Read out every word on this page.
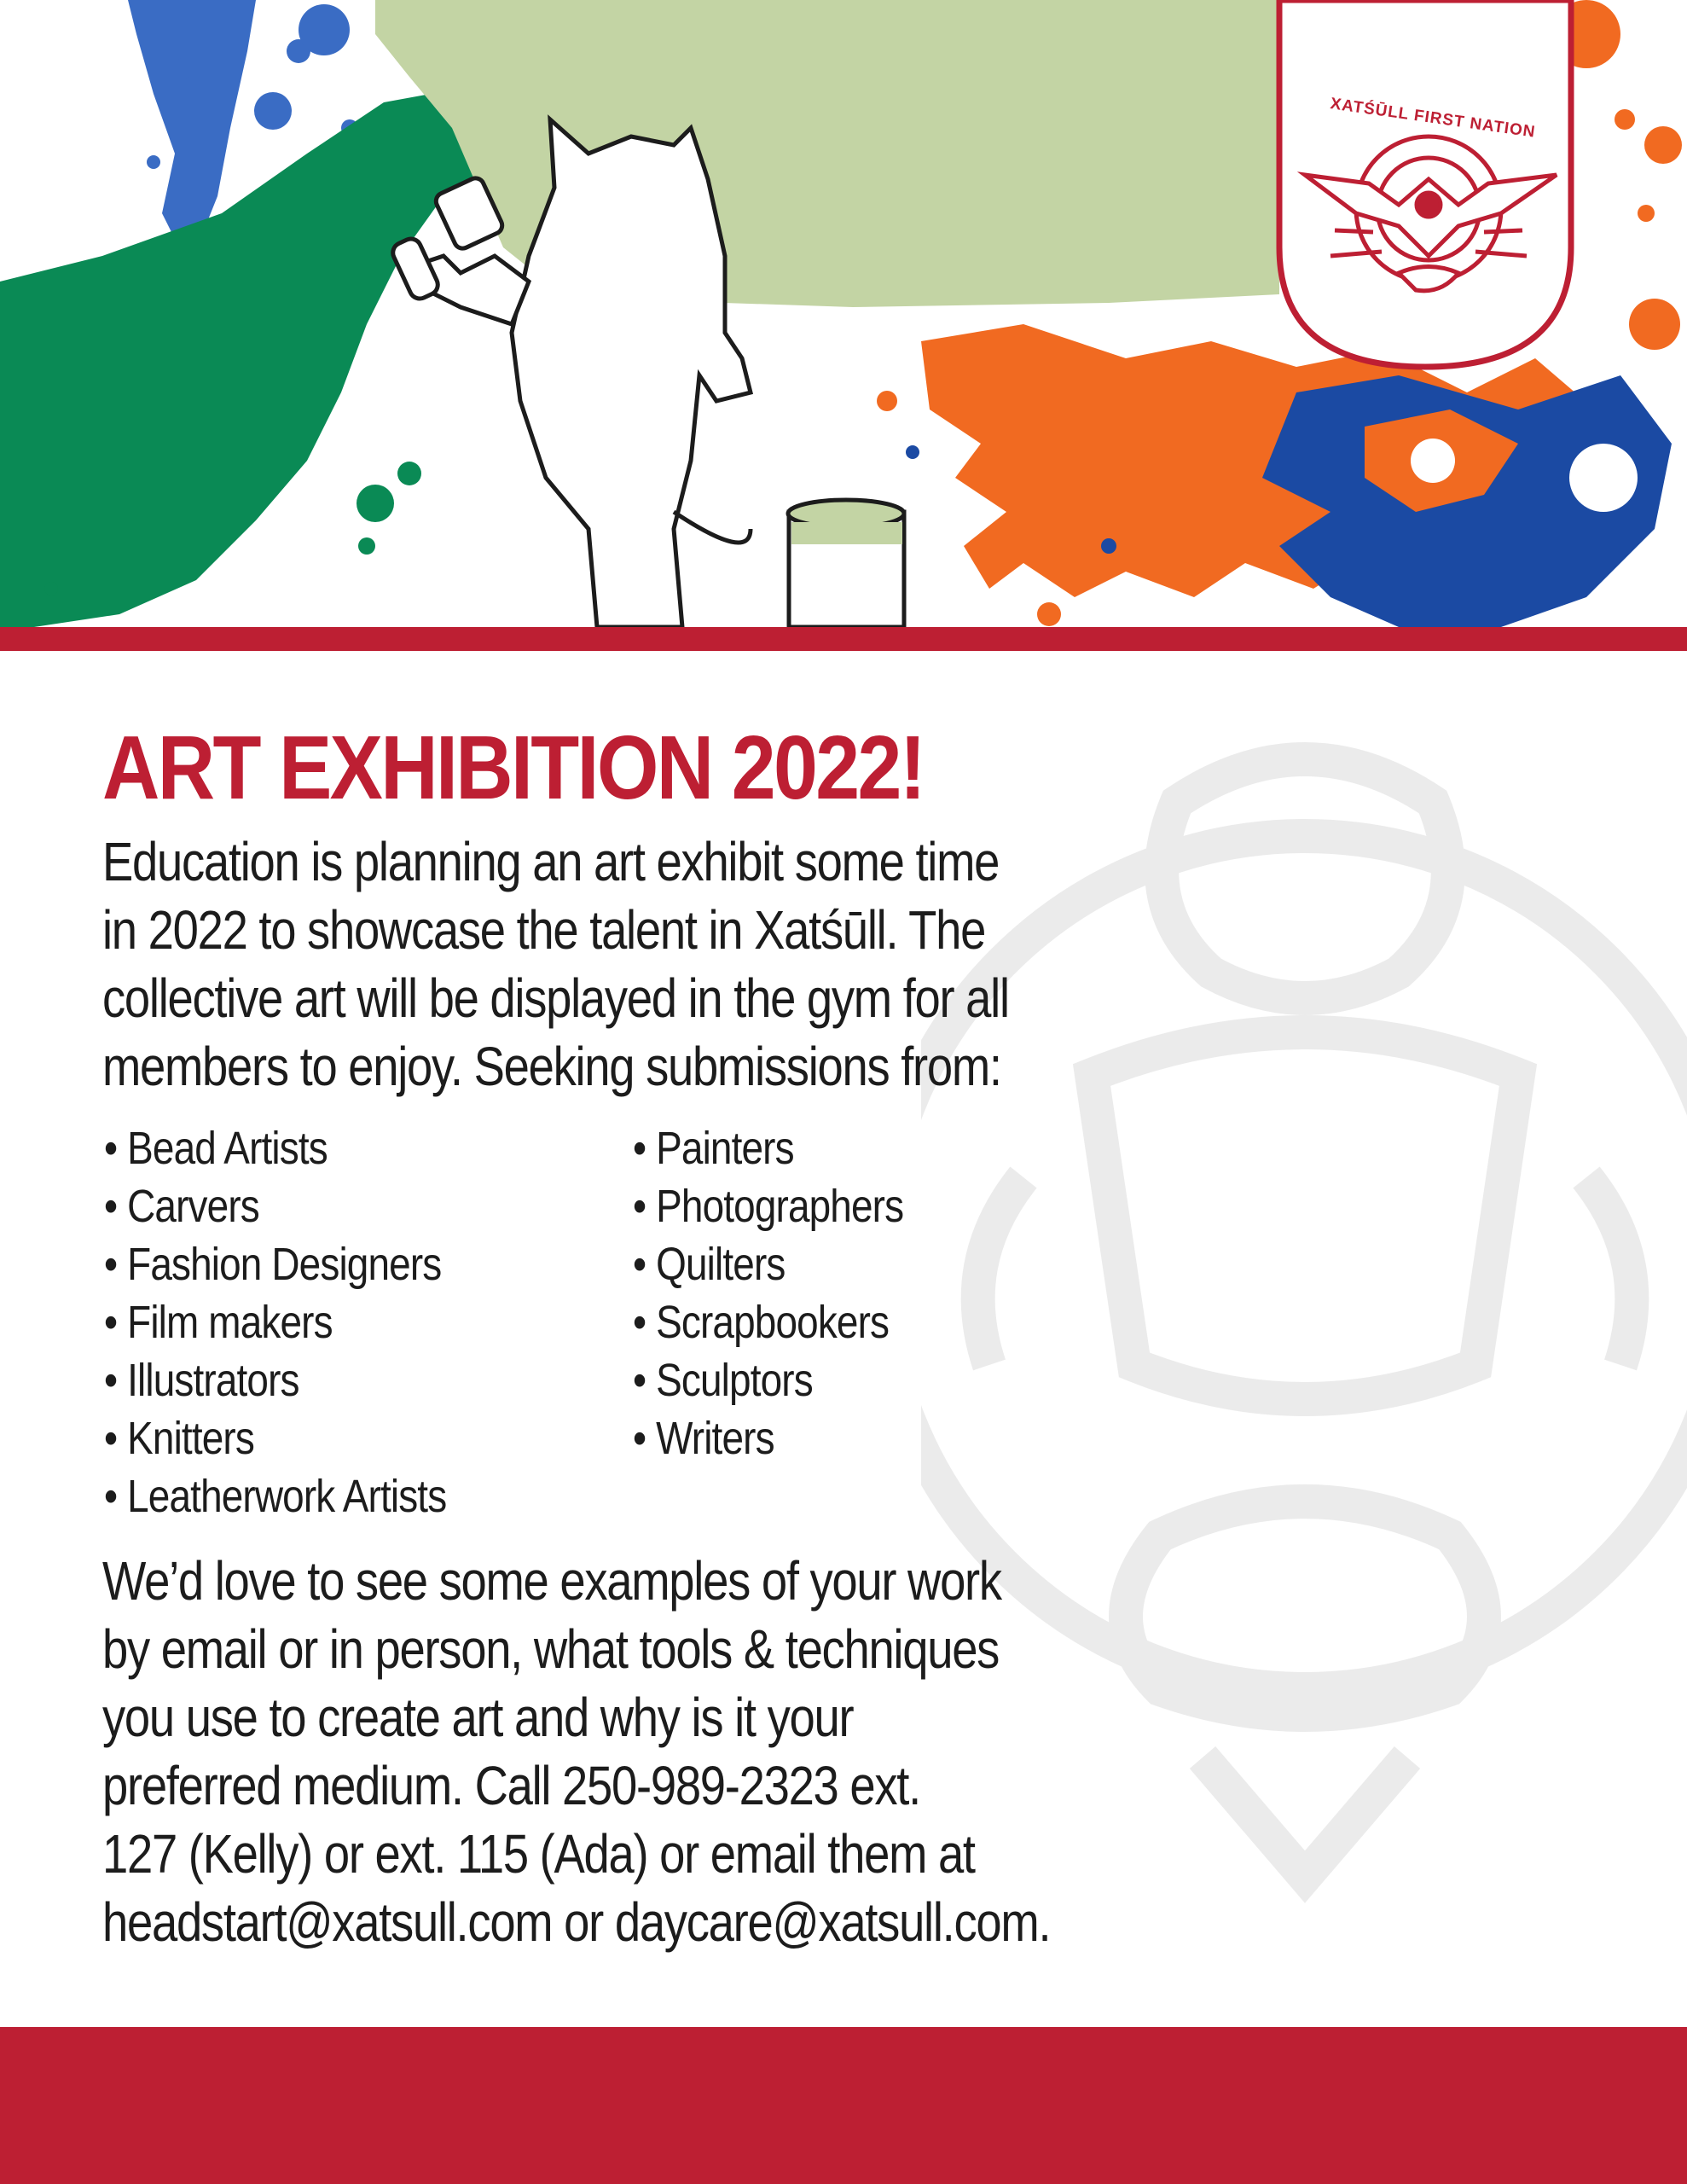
XATŚŪLL FIRST NATION
ART EXHIBITION 2022!
Education is planning an art exhibit some time
in 2022 to showcase the talent in Xatśūll. The
collective art will be displayed in the gym for all
members to enjoy. Seeking submissions from:
• Bead Artists
• Carvers
• Fashion Designers
• Film makers
• Illustrators
• Knitters
• Leatherwork Artists
• Painters
• Photographers
• Quilters
• Scrapbookers
• Sculptors
• Writers
We’d love to see some examples of your work
by email or in person, what tools & techniques
you use to create art and why is it your
preferred medium. Call 250-989-2323 ext.
127 (Kelly) or ext. 115 (Ada) or email them at
headstart@xatsull.com or daycare@xatsull.com.
